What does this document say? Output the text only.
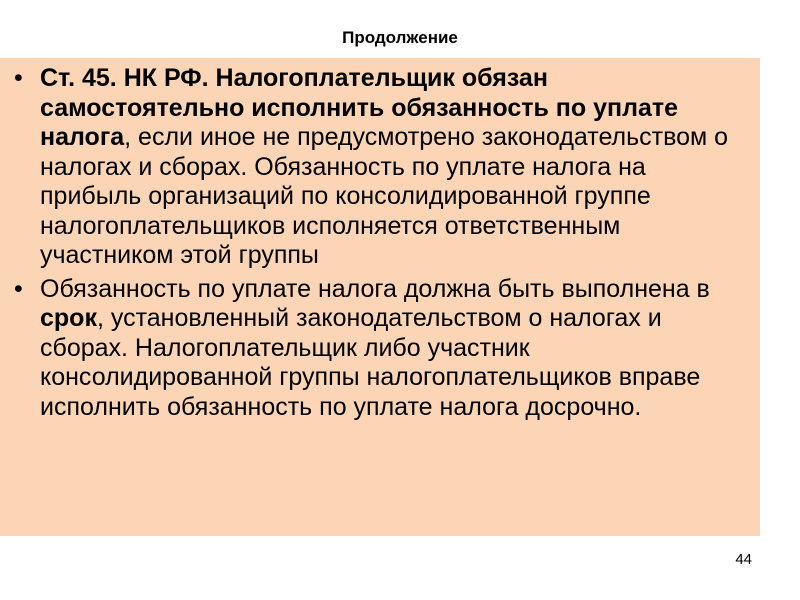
Продолжение
• Ст. 45. НК РФ. Налогоплательщик обязан самостоятельно исполнить обязанность по уплате налога, если иное не предусмотрено законодательством о налогах и сборах. Обязанность по уплате налога на прибыль организаций по консолидированной группе налогоплательщиков исполняется ответственным участником этой группы
• Обязанность по уплате налога должна быть выполнена в срок, установленный законодательством о налогах и сборах. Налогоплательщик либо участник консолидированной группы налогоплательщиков вправе исполнить обязанность по уплате налога досрочно.
44
